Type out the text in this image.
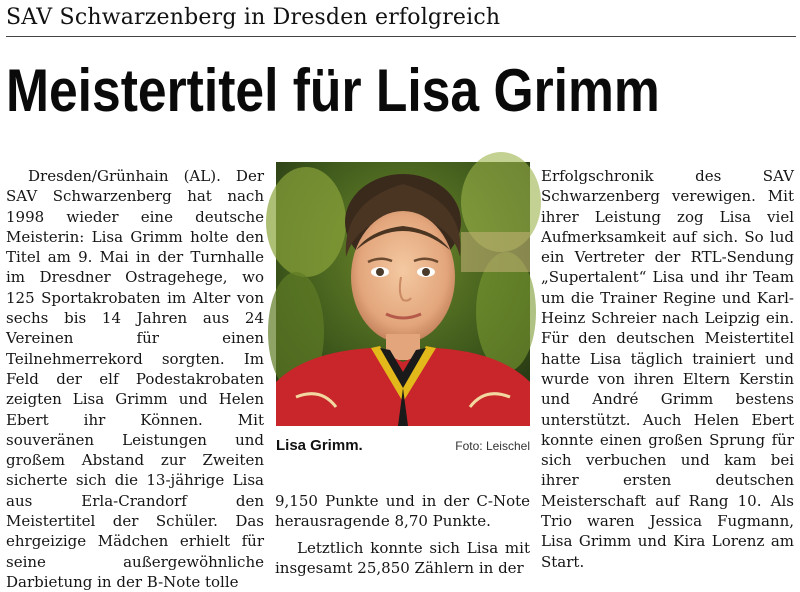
SAV Schwarzenberg in Dresden erfolgreich
Meistertitel für Lisa Grimm

Dresden/Grünhain (AL). Der SAV Schwarzenberg hat nach 1998 wieder eine deutsche Meisterin: Lisa Grimm holte den Titel am 9. Mai in der Turnhalle im Dresdner Ostragehege, wo 125 Sportakrobaten im Alter von sechs bis 14 Jahren aus 24 Vereinen für einen Teilnehmerrekord sorgten. Im Feld der elf Podestakrobaten zeigten Lisa Grimm und Helen Ebert ihr Können. Mit souveränen Leistungen und großem Abstand zur Zweiten sicherte sich die 13-jährige Lisa aus Erla-Crandorf den Meistertitel der Schüler. Das ehrgeizige Mädchen erhielt für seine außergewöhnliche Darbietung in der B-Note tolle

Lisa Grimm.	Foto: Leischel

9,150 Punkte und in der C-Note herausragende 8,70 Punkte.

Letztlich konnte sich Lisa mit insgesamt 25,850 Zählern in der

Erfolgschronik des SAV Schwarzenberg verewigen. Mit ihrer Leistung zog Lisa viel Aufmerksamkeit auf sich. So lud ein Vertreter der RTL-Sendung „Supertalent“ Lisa und ihr Team um die Trainer Regine und Karl-Heinz Schreier nach Leipzig ein. Für den deutschen Meistertitel hatte Lisa täglich trainiert und wurde von ihren Eltern Kerstin und André Grimm bestens unterstützt. Auch Helen Ebert konnte einen großen Sprung für sich verbuchen und kam bei ihrer ersten deutschen Meisterschaft auf Rang 10. Als Trio waren Jessica Fugmann, Lisa Grimm und Kira Lorenz am Start.
